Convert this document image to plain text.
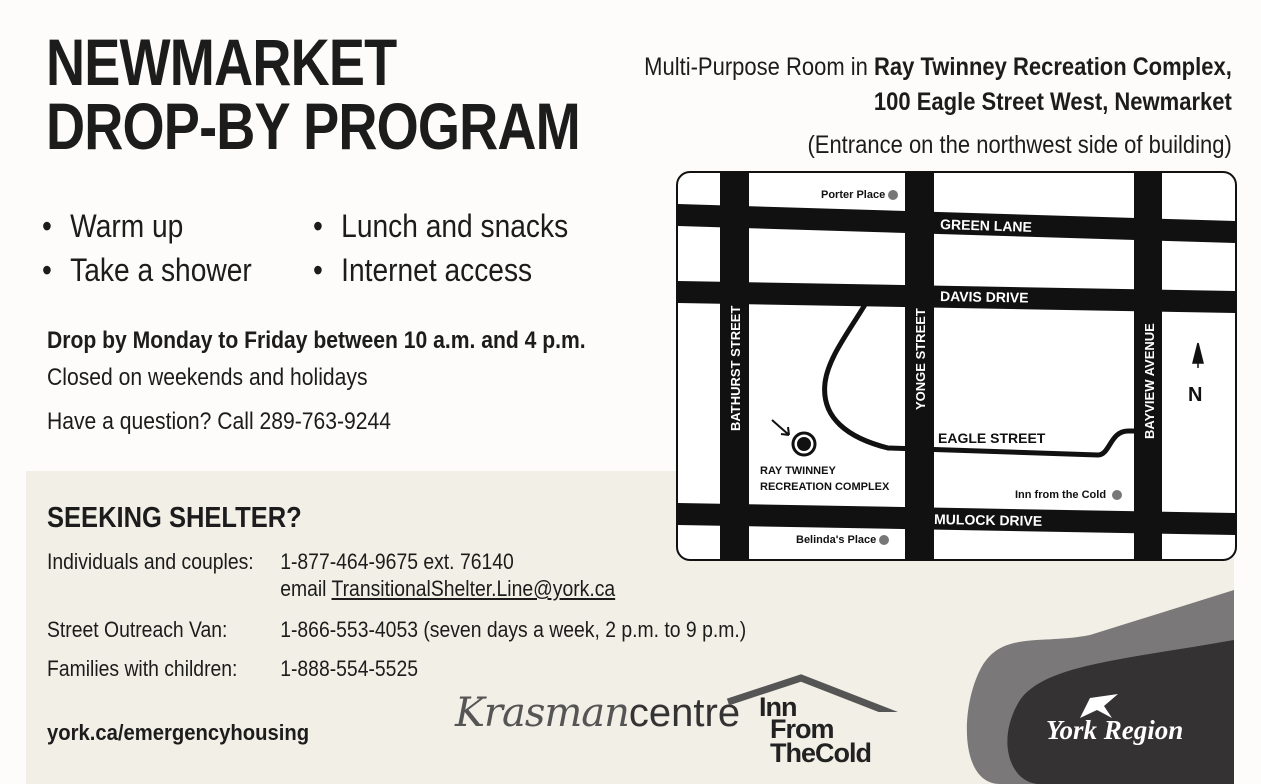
NEWMARKET
DROP-BY PROGRAM
Multi-Purpose Room in Ray Twinney Recreation Complex,
100 Eagle Street West, Newmarket
(Entrance on the northwest side of building)
• Warm up
• Take a shower
• Lunch and snacks
• Internet access
Drop by Monday to Friday between 10 a.m. and 4 p.m.
Closed on weekends and holidays
Have a question? Call 289-763-9244
SEEKING SHELTER?
Individuals and couples: 1-877-464-9675 ext. 76140
email TransitionalShelter.Line@york.ca
Street Outreach Van: 1-866-553-4053 (seven days a week, 2 p.m. to 9 p.m.)
Families with children: 1-888-554-5525
york.ca/emergencyhousing
GREEN LANE
DAVIS DRIVE
MULOCK DRIVE
BATHURST STREET	YONGE STREET	BAYVIEW AVENUE
EAGLE STREET
Porter Place
RAY TWINNEY
RECREATION COMPLEX
Inn from the Cold
Belinda's Place
N
Krasmancentre Inn
From
TheCold
York Region
